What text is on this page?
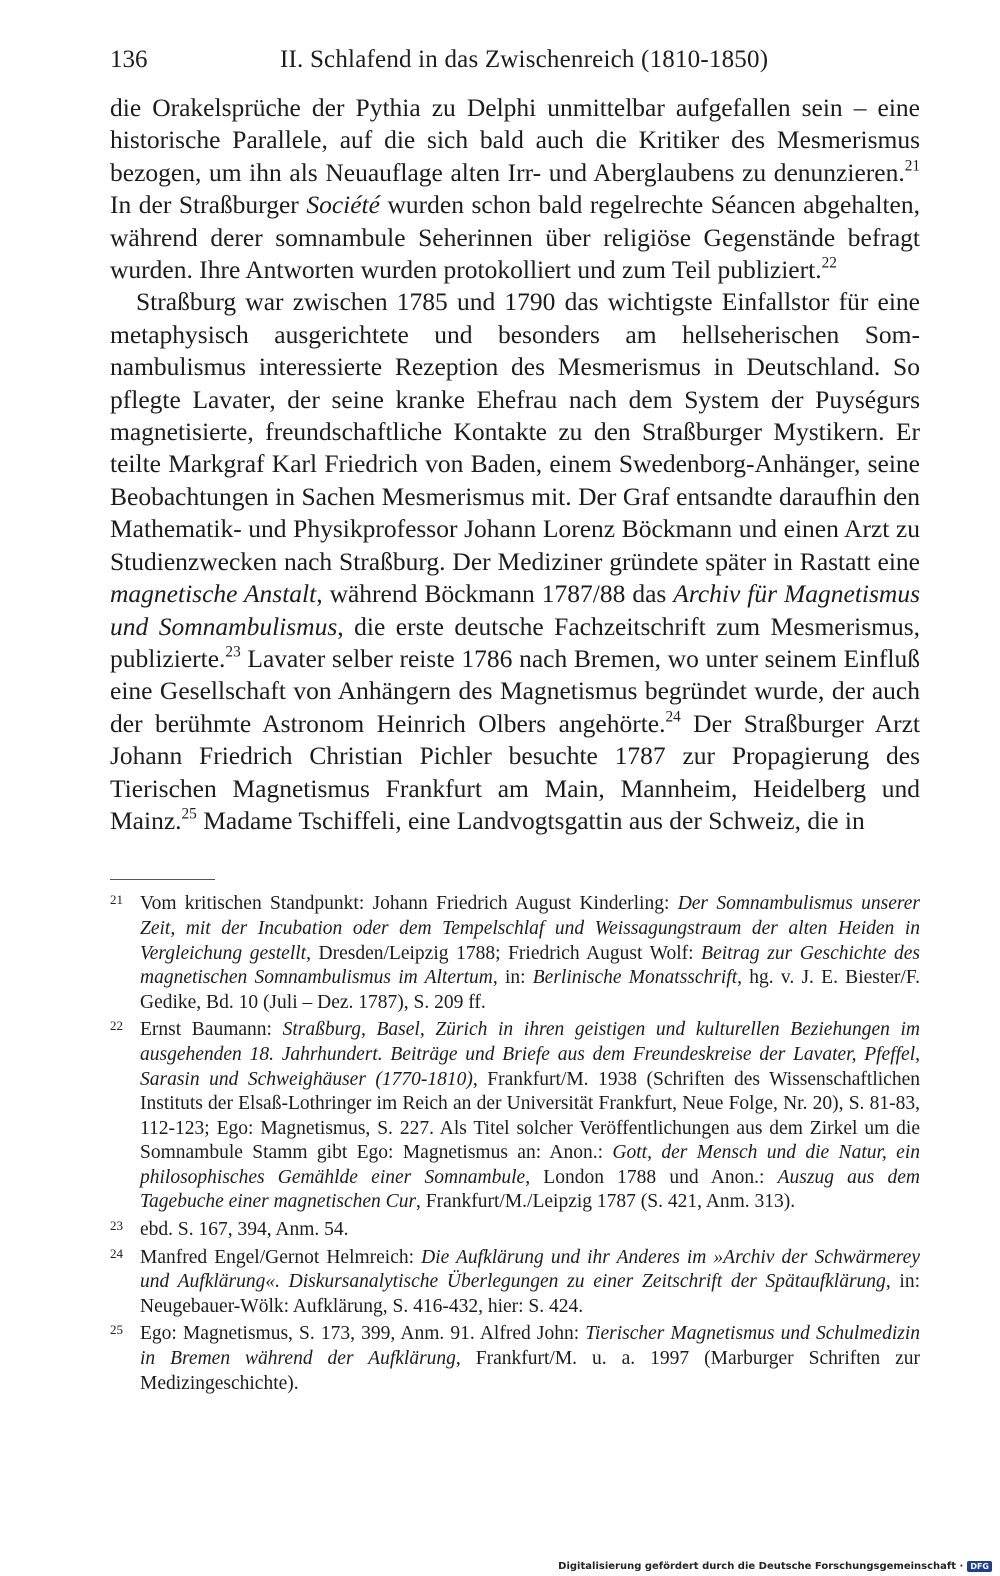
136	II. Schlafend in das Zwischenreich (1810-1850)

die Orakelsprüche der Pythia zu Delphi unmittelbar aufgefallen sein – eine historische Parallele, auf die sich bald auch die Kritiker des Mesmerismus bezogen, um ihn als Neuauflage alten Irr- und Aberglaubens zu denunzieren.$^{21}$ In der Straßburger Société wurden schon bald regelrechte Séancen abgehalten, während derer somnambule Seherinnen über religiöse Gegenstände befragt wurden. Ihre Antworten wurden protokolliert und zum Teil publiziert.$^{22}$

Straßburg war zwischen 1785 und 1790 das wichtigste Einfallstor für eine metaphysisch ausgerichtete und besonders am hellseherischen Somnambulismus interessierte Rezeption des Mesmerismus in Deutschland. So pflegte Lavater, der seine kranke Ehefrau nach dem System der Puységurs magnetisierte, freundschaftliche Kontakte zu den Straßburger Mystikern. Er teilte Markgraf Karl Friedrich von Baden, einem Swedenborg-Anhänger, seine Beobachtungen in Sachen Mesmerismus mit. Der Graf entsandte daraufhin den Mathematik- und Physikprofessor Johann Lorenz Böckmann und einen Arzt zu Studienzwecken nach Straßburg. Der Mediziner gründete später in Rastatt eine magnetische Anstalt, während Böckmann 1787/88 das Archiv für Magnetismus und Somnambulismus, die erste deutsche Fachzeitschrift zum Mesmerismus, publizierte.$^{23}$ Lavater selber reiste 1786 nach Bremen, wo unter seinem Einfluß eine Gesellschaft von Anhängern des Magnetismus begründet wurde, der auch der berühmte Astronom Heinrich Olbers angehörte.$^{24}$ Der Straßburger Arzt Johann Friedrich Christian Pichler besuchte 1787 zur Propagierung des Tierischen Magnetismus Frankfurt am Main, Mannheim, Heidelberg und Mainz.$^{25}$ Madame Tschiffeli, eine Landvogtsgattin aus der Schweiz, die in

21 Vom kritischen Standpunkt: Johann Friedrich August Kinderling: Der Somnambulismus unserer Zeit, mit der Incubation oder dem Tempelschlaf und Weissagungstraum der alten Heiden in Vergleichung gestellt, Dresden/Leipzig 1788; Friedrich August Wolf: Beitrag zur Geschichte des magnetischen Somnambulismus im Altertum, in: Berlinische Monatsschrift, hg. v. J. E. Biester/F. Gedike, Bd. 10 (Juli – Dez. 1787), S. 209 ff.
22 Ernst Baumann: Straßburg, Basel, Zürich in ihren geistigen und kulturellen Beziehungen im ausgehenden 18. Jahrhundert. Beiträge und Briefe aus dem Freundeskreise der Lavater, Pfeffel, Sarasin und Schweighäuser (1770-1810), Frankfurt/M. 1938 (Schriften des Wissenschaftlichen Instituts der Elsaß-Lothringer im Reich an der Universität Frankfurt, Neue Folge, Nr. 20), S. 81-83, 112-123; Ego: Magnetismus, S. 227. Als Titel solcher Veröffentlichungen aus dem Zirkel um die Somnambule Stamm gibt Ego: Magnetismus an: Anon.: Gott, der Mensch und die Natur, ein philosophisches Gemählde einer Somnambule, London 1788 und Anon.: Auszug aus dem Tagebuche einer magnetischen Cur, Frankfurt/M./Leipzig 1787 (S. 421, Anm. 313).
23 ebd. S. 167, 394, Anm. 54.
24 Manfred Engel/Gernot Helmreich: Die Aufklärung und ihr Anderes im »Archiv der Schwärmerey und Aufklärung«. Diskursanalytische Überlegungen zu einer Zeitschrift der Spätaufklärung, in: Neugebauer-Wölk: Aufklärung, S. 416-432, hier: S. 424.
25 Ego: Magnetismus, S. 173, 399, Anm. 91. Alfred John: Tierischer Magnetismus und Schulmedizin in Bremen während der Aufklärung, Frankfurt/M. u. a. 1997 (Marburger Schriften zur Medizingeschichte).
Digitalisierung gefördert durch die Deutsche Forschungsgemeinschaft · DFG
